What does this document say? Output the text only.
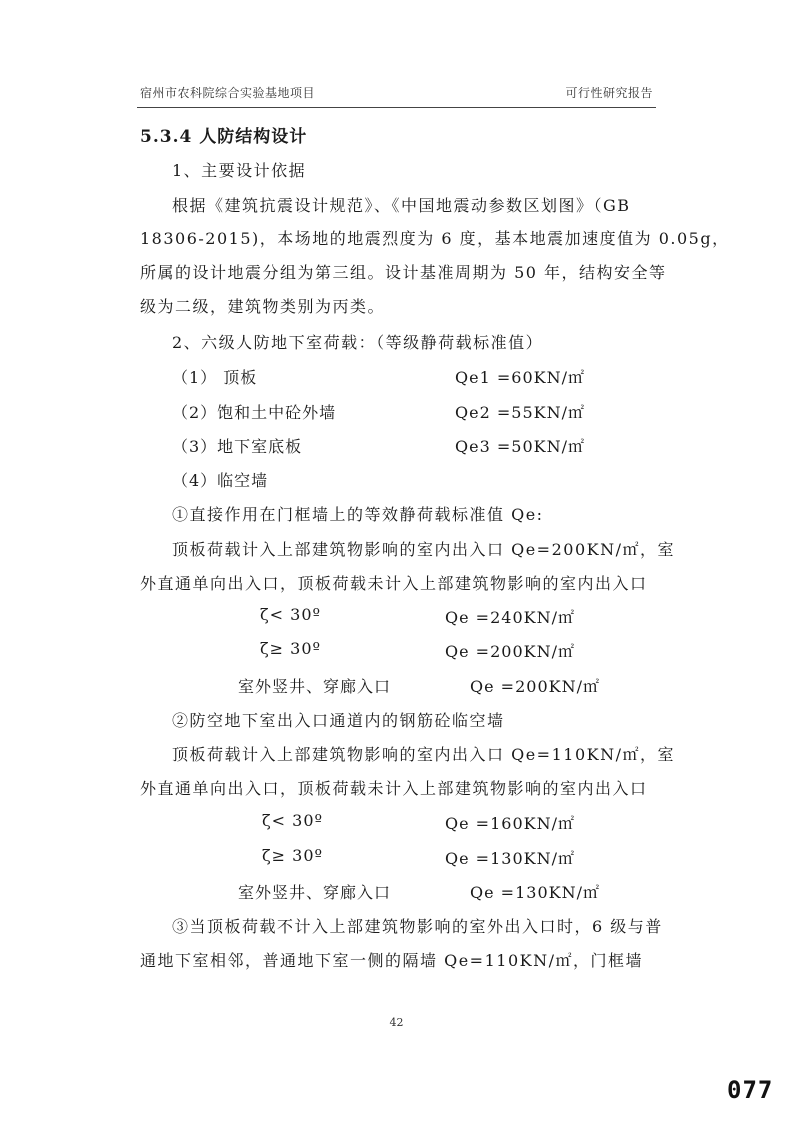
宿州市农科院综合实验基地项目	可行性研究报告
5.3.4 人防结构设计
1、主要设计依据
根据《建筑抗震设计规范》、《中国地震动参数区划图》（GB
18306-2015)，本场地的地震烈度为 6 度，基本地震加速度值为 0.05g，
所属的设计地震分组为第三组。设计基准周期为 50 年，结构安全等
级为二级，建筑物类别为丙类。
2、六级人防地下室荷载：（等级静荷载标准值）
（1） 顶板	Qe1 =60KN/㎡
（2）饱和土中砼外墙	Qe2 =55KN/㎡
（3）地下室底板	Qe3 =50KN/㎡
（4）临空墙
①直接作用在门框墙上的等效静荷载标准值 Qe:
顶板荷载计入上部建筑物影响的室内出入口 Qe=200KN/㎡，室
外直通单向出入口，顶板荷载未计入上部建筑物影响的室内出入口
ζ< 30º	Qe =240KN/㎡
ζ≥ 30º	Qe =200KN/㎡
室外竖井、穿廊入口	Qe =200KN/㎡
②防空地下室出入口通道内的钢筋砼临空墙
顶板荷载计入上部建筑物影响的室内出入口 Qe=110KN/㎡，室
外直通单向出入口，顶板荷载未计入上部建筑物影响的室内出入口
ζ< 30º	Qe =160KN/㎡
ζ≥ 30º	Qe =130KN/㎡
室外竖井、穿廊入口	Qe =130KN/㎡
③当顶板荷载不计入上部建筑物影响的室外出入口时，6 级与普
通地下室相邻，普通地下室一侧的隔墙 Qe=110KN/㎡，门框墙
42
077
